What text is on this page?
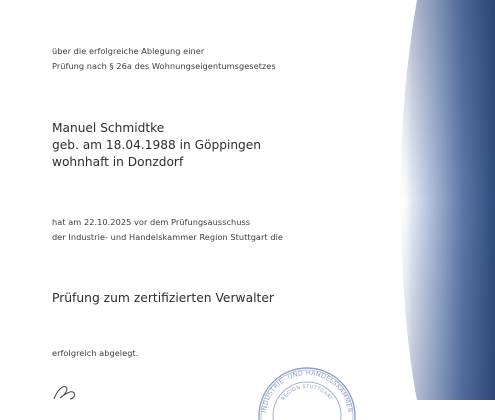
über die erfolgreiche Ablegung einer
Prüfung nach § 26a des Wohnungseigentumsgesetzes
Manuel Schmidtke
geb. am 18.04.1988 in Göppingen
wohnhaft in Donzdorf
hat am 22.10.2025 vor dem Prüfungsausschuss
der Industrie- und Handelskammer Region Stuttgart die
Prüfung zum zertifizierten Verwalter
erfolgreich abgelegt.
INDUSTRIE- UND HANDELSKAMMER
REGION STUTTGART
